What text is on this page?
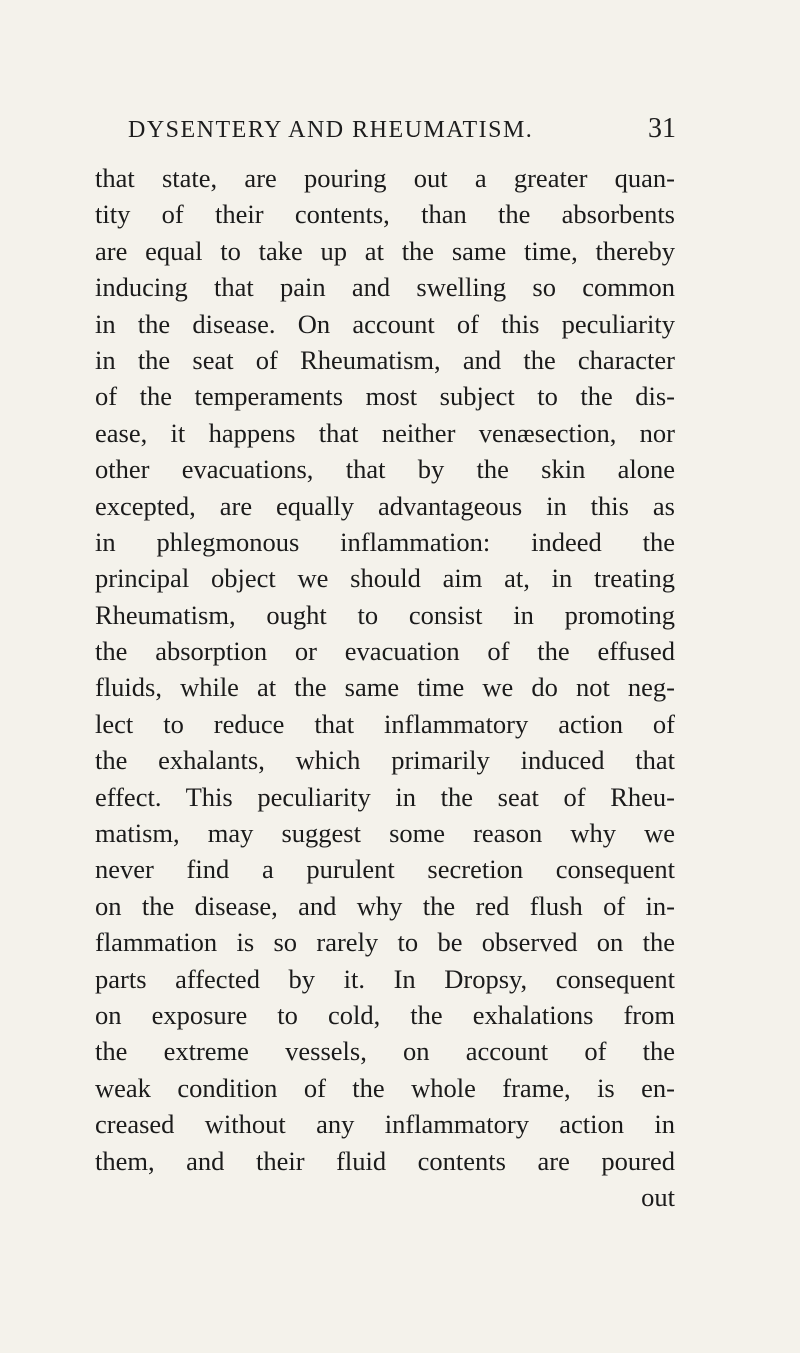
DYSENTERY AND RHEUMATISM.	31
that state, are pouring out a greater quan-
tity of their contents, than the absorbents
are equal to take up at the same time, thereby
inducing that pain and swelling so common
in the disease. On account of this peculiarity
in the seat of Rheumatism, and the character
of the temperaments most subject to the dis-
ease, it happens that neither venæsection, nor
other evacuations, that by the skin alone
excepted, are equally advantageous in this as
in phlegmonous inflammation: indeed the
principal object we should aim at, in treating
Rheumatism, ought to consist in promoting
the absorption or evacuation of the effused
fluids, while at the same time we do not neg-
lect to reduce that inflammatory action of
the exhalants, which primarily induced that
effect. This peculiarity in the seat of Rheu-
matism, may suggest some reason why we
never find a purulent secretion consequent
on the disease, and why the red flush of in-
flammation is so rarely to be observed on the
parts affected by it. In Dropsy, consequent
on exposure to cold, the exhalations from
the extreme vessels, on account of the
weak condition of the whole frame, is en-
creased without any inflammatory action in
them, and their fluid contents are poured
out
